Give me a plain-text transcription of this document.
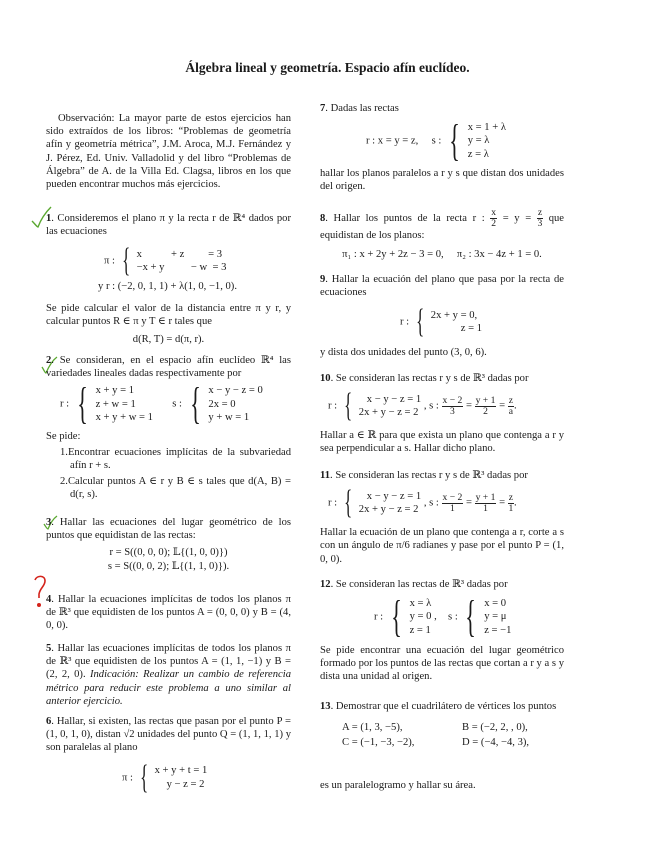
Álgebra lineal y geometría. Espacio afín euclídeo.

Observación: La mayor parte de estos ejercicios han sido extraídos de los libros: “Problemas de geometría afín y geometría métrica”, J.M. Aroca, M.J. Fernández y J. Pérez, Ed. Univ. Valladolid y del libro “Problemas de Álgebra” de A. de la Villa Ed. Clagsa, libros en los que pueden encontrar muchos más ejercicios.

1. Consideremos el plano π y la recta r de ℝ⁴ dados por las ecuaciones

π : { x           + z         = 3
−x + y          − w  = 3
y r : (−2, 0, 1, 1) + λ(1, 0, −1, 0).

Se pide calcular el valor de la distancia entre π y r, y calcular puntos R ∈ π y T ∈ r tales que

d(R, T) = d(π, r).

2. Se consideran, en el espacio afín euclídeo ℝ⁴ las variedades lineales dadas respectivamente por

r : { x + y = 1
z + w = 1
x + y + w = 1
s : { x − y − z = 0
2x = 0
y + w = 1

Se pide:

1.Encontrar ecuaciones implícitas de la subvariedad afín r + s.

2.Calcular puntos A ∈ r y B ∈ s tales que d(A, B) = d(r, s).

3. Hallar las ecuaciones del lugar geométrico de los puntos que equidistan de las rectas:

r = S((0, 0, 0); 𝕃{(1, 0, 0)})
s = S((0, 0, 2); 𝕃{(1, 1, 0)}).

4. Hallar la ecuaciones implícitas de todos los planos π de ℝ³ que equidisten de los puntos A = (0, 0, 0) y B = (4, 0, 0).

5. Hallar las ecuaciones implícitas de todos los planos π de ℝ³ que equidisten de los puntos A = (1, 1, −1) y B = (2, 2, 0). Indicación: Realizar un cambio de referencia métrico para reducir este problema a uno similar al anterior ejercicio.

6. Hallar, si existen, las rectas que pasan por el punto P = (1, 0, 1, 0), distan √2 unidades del punto Q = (1, 1, 1, 1) y son paralelas al plano

π : { x + y + t = 1
y − z = 2

7. Dadas las rectas

r : x = y = z, s : { x = 1 + λ
y = λ
z = λ

hallar los planos paralelos a r y s que distan dos unidades del origen.

8. Hallar los puntos de la recta r : $\frac{x}{2} = y = \frac{z}{3}$ que equidistan de los planos:

π₁ : x + 2y + 2z − 3 = 0,     π₂ : 3x − 4z + 1 = 0.

9. Hallar la ecuación del plano que pasa por la recta de ecuaciones

r : { 2x + y = 0,
z = 1

y dista dos unidades del punto (3, 0, 6).

10. Se consideran las rectas r y s de ℝ³ dadas por

r : {	x − y − z = 1
2x + y − z = 2
, s : $\frac{x - 2}{3} = \frac{y + 1}{2} = \frac{z}{a}$ .

Hallar a ∈ ℝ para que exista un plano que contenga a r y sea perpendicular a s. Hallar dicho plano.

11. Se consideran las rectas r y s de ℝ³ dadas por

r : {	x − y − z = 1
2x + y − z = 2
, s : $\frac{x - 2}{1} = \frac{y + 1}{1} = \frac{z}{1}$ .

Hallar la ecuación de un plano que contenga a r, corte a s con un ángulo de π/6 radianes y pase por el punto P = (1, 0, 0).

12. Se consideran las rectas de ℝ³ dadas por

r : { x = λ
y = 0 ,
z = 1
s : { x = 0
y = μ
z = −1

Se pide encontrar una ecuación del lugar geométrico formado por los puntos de las rectas que cortan a r y a s y dista una unidad al origen.

13. Demostrar que el cuadrilátero de vértices los puntos

A = (1, 3, −5),	B = (−2, 2, , 0),
C = (−1, −3, −2),	D = (−4, −4, 3),

es un paralelogramo y hallar su área.
